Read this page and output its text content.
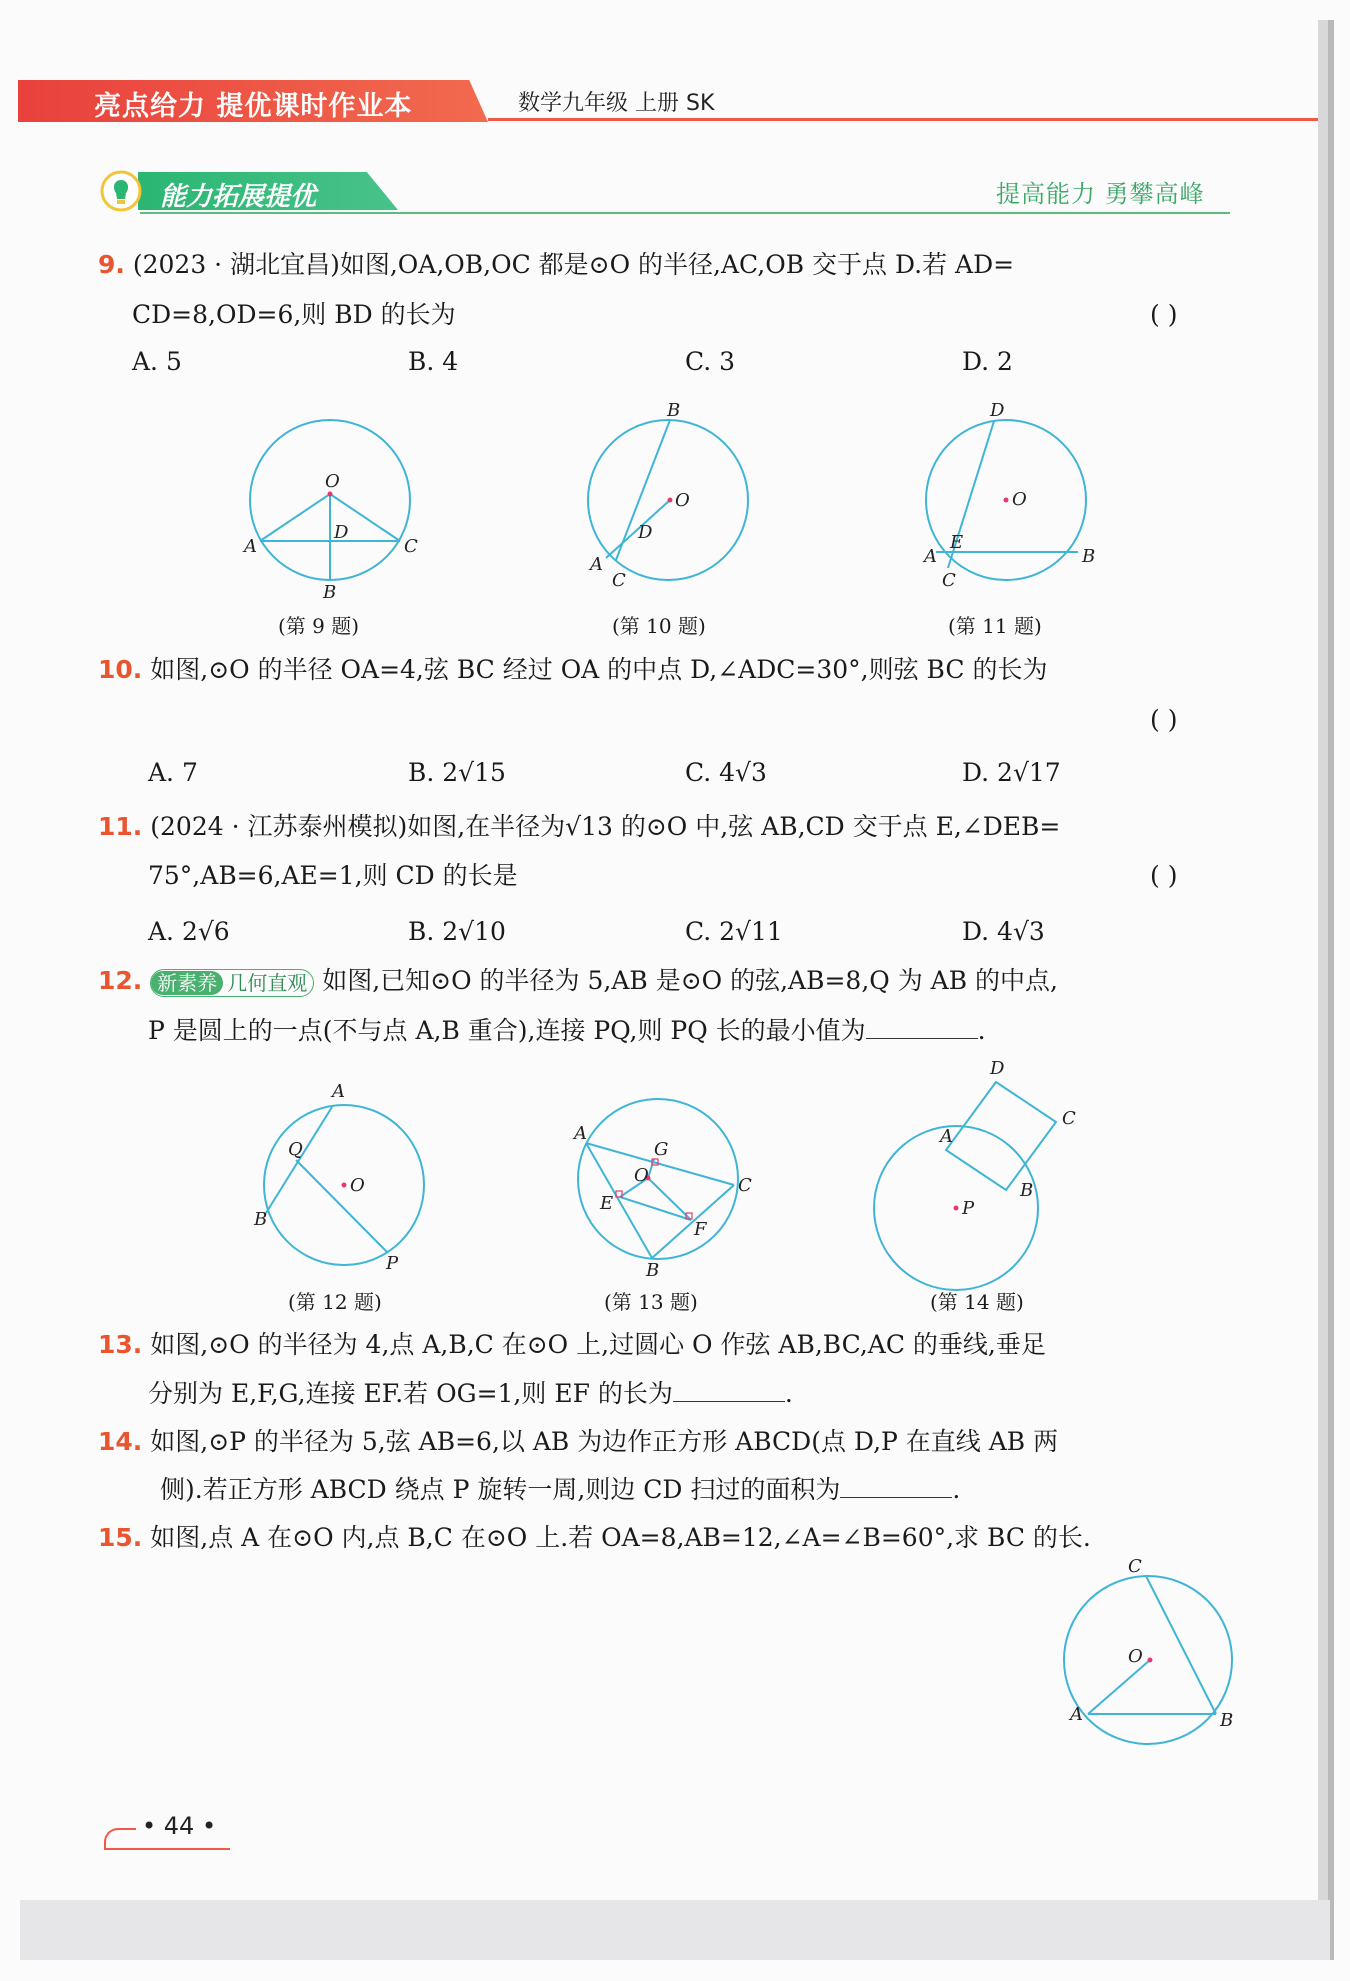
亮点给力 提优课时作业本	数学九年级 上册 SK
能力拓展提优	提高能力 勇攀高峰
9. (2023 · 湖北宜昌)如图,OA,OB,OC 都是⊙O 的半径,AC,OB 交于点 D.若 AD=
CD=8,OD=6,则 BD 的长为	( )
A. 5	B. 4	C. 3	D. 2
O
A
D
C
B
(第 9 题)
O
B
D
A
C
(第 10 题)
O
D
E
A
C
B
(第 11 题)
10. 如图,⊙O 的半径 OA=4,弦 BC 经过 OA 的中点 D,∠ADC=30°,则弦 BC 的长为
( )
A. 7	B. 2√15	C. 4√3	D. 2√17
11. (2024 · 江苏泰州模拟)如图,在半径为√13 的⊙O 中,弦 AB,CD 交于点 E,∠DEB=
75°,AB=6,AE=1,则 CD 的长是	( )
A. 2√6	B. 2√10	C. 2√11	D. 4√3
12. 新素养 几何直观 如图,已知⊙O 的半径为 5,AB 是⊙O 的弦,AB=8,Q 为 AB 的中点,
P 是圆上的一点(不与点 A,B 重合),连接 PQ,则 PQ 长的最小值为	.
O
A
Q
B
P
(第 12 题)
A
G
O	C
E
F
B
(第 13 题)
P
D
C
A
B
(第 14 题)
13. 如图,⊙O 的半径为 4,点 A,B,C 在⊙O 上,过圆心 O 作弦 AB,BC,AC 的垂线,垂足
分别为 E,F,G,连接 EF.若 OG=1,则 EF 的长为	.
14. 如图,⊙P 的半径为 5,弦 AB=6,以 AB 为边作正方形 ABCD(点 D,P 在直线 AB 两
侧).若正方形 ABCD 绕点 P 旋转一周,则边 CD 扫过的面积为	.
15. 如图,点 A 在⊙O 内,点 B,C 在⊙O 上.若 OA=8,AB=12,∠A=∠B=60°,求 BC 的长.
O
C
A	B
• 44 •
